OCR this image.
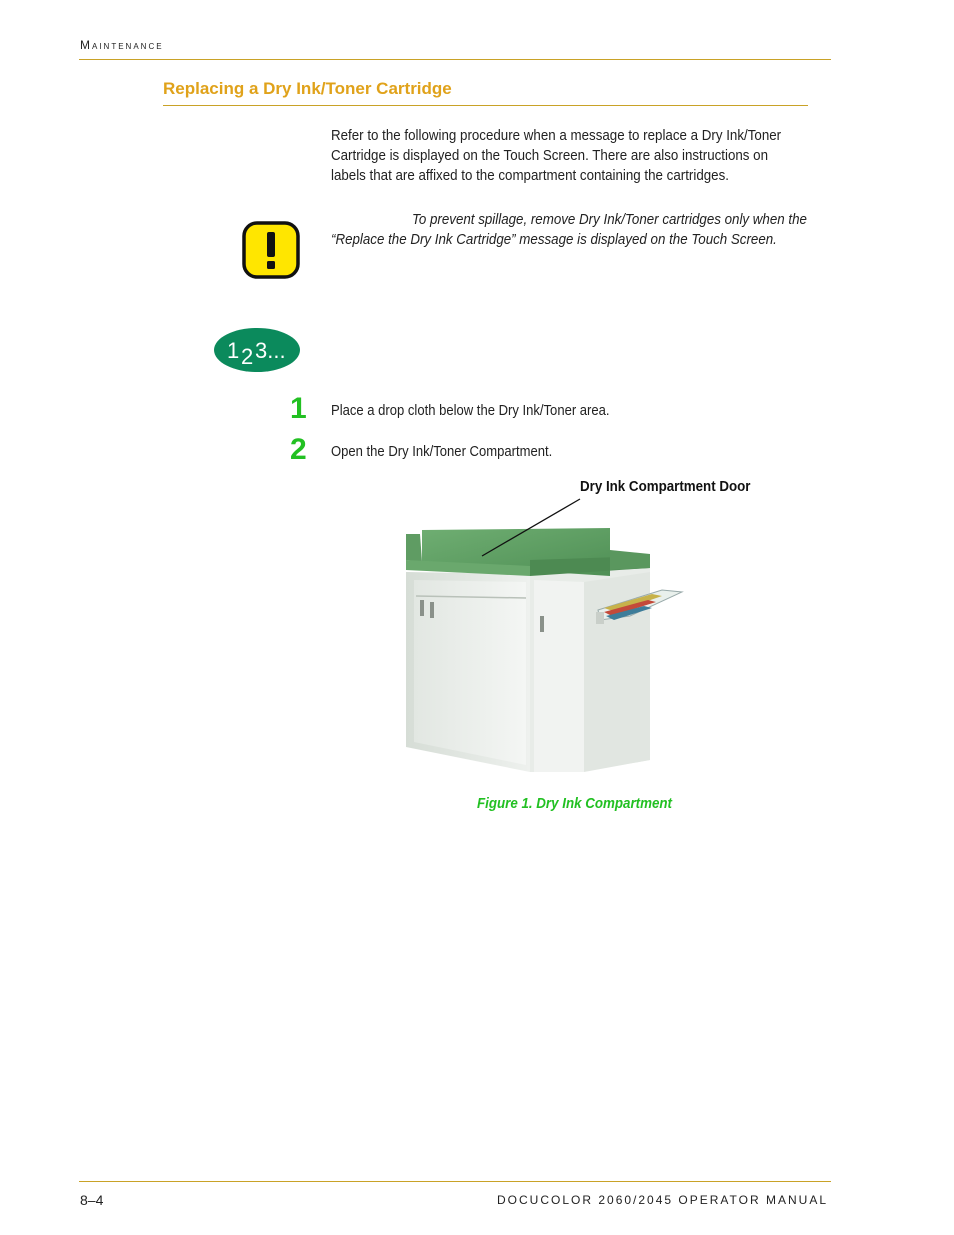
Maintenance
Replacing a Dry Ink/Toner Cartridge
Refer to the following procedure when a message to replace a Dry Ink/Toner Cartridge is displayed on the Touch Screen. There are also instructions on labels that are affixed to the compartment containing the cartridges.
To prevent spillage, remove Dry Ink/Toner cartridges only when the “Replace the Dry Ink Cartridge” message is displayed on the Touch Screen.
1 2 3...
1 Place a drop cloth below the Dry Ink/Toner area.
2 Open the Dry Ink/Toner Compartment.
Dry Ink Compartment Door
Figure 1. Dry Ink Compartment
8–4	DOCUCOLOR 2060/2045 OPERATOR MANUAL
